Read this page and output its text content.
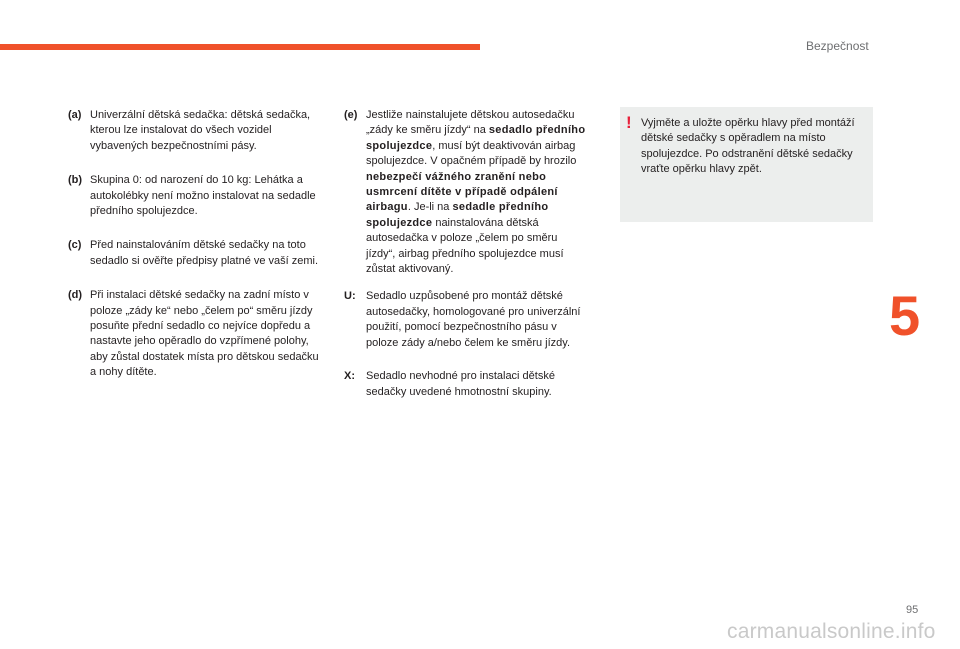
Bezpečnost
(a) Univerzální dětská sedačka: dětská sedačka, kterou lze instalovat do všech vozidel vybavených bezpečnostními pásy.
(b) Skupina 0: od narození do 10 kg: Lehátka a autokolébky není možno instalovat na sedadle předního spolujezdce.
(c) Před nainstalováním dětské sedačky na toto sedadlo si ověřte předpisy platné ve vaší zemi.
(d) Při instalaci dětské sedačky na zadní místo v poloze „zády ke“ nebo „čelem po“ směru jízdy posuňte přední sedadlo co nejvíce dopředu a nastavte jeho opěradlo do vzpřímené polohy, aby zůstal dostatek místa pro dětskou sedačku a nohy dítěte.
(e) Jestliže nainstalujete dětskou autosedačku „zády ke směru jízdy“ na sedadlo předního spolujezdce, musí být deaktivován airbag spolujezdce. V opačném případě by hrozilo nebezpečí vážného zranění nebo usmrcení dítěte v případě odpálení airbagu. Je-li na sedadle předního spolujezdce nainstalována dětská autosedačka v poloze „čelem po směru jízdy“, airbag předního spolujezdce musí zůstat aktivovaný.
U: Sedadlo uzpůsobené pro montáž dětské autosedačky, homologované pro univerzální použití, pomocí bezpečnostního pásu v poloze zády a/nebo čelem ke směru jízdy.
X:	Sedadlo nevhodné pro instalaci dětské sedačky uvedené hmotnostní skupiny.
! Vyjměte a uložte opěrku hlavy před montáží dětské sedačky s opěradlem na místo spolujezdce. Po odstranění dětské sedačky vraťte opěrku hlavy zpět.
5
95
carmanualsonline.info
